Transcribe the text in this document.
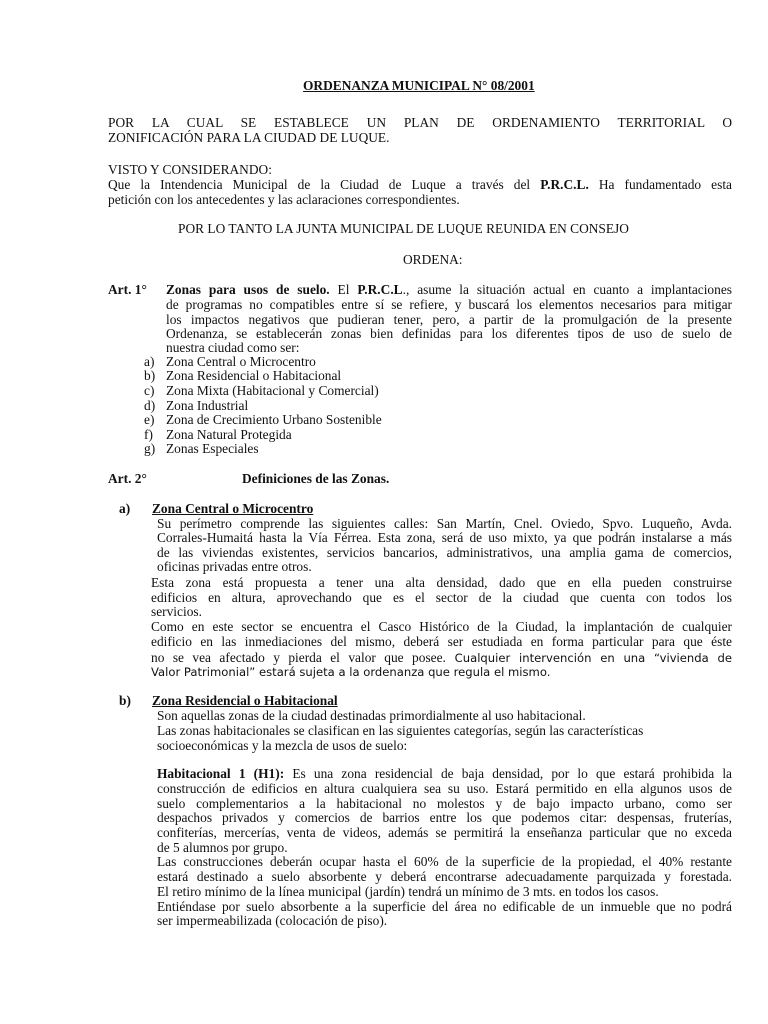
ORDENANZA MUNICIPAL N° 08/2001
POR LA CUAL SE ESTABLECE UN PLAN DE ORDENAMIENTO TERRITORIAL O
ZONIFICACIÓN PARA LA CIUDAD DE LUQUE.
VISTO Y CONSIDERANDO:
Que la Intendencia Municipal de la Ciudad de Luque a través del P.R.C.L. Ha fundamentado esta
petición con los antecedentes y las aclaraciones correspondientes.
POR LO TANTO LA JUNTA MUNICIPAL DE LUQUE REUNIDA EN CONSEJO
ORDENA:
Art. 1° Zonas para usos de suelo. El P.R.C.L., asume la situación actual en cuanto a implantaciones
de programas no compatibles entre sí se refiere, y buscará los elementos necesarios para mitigar
los impactos negativos que pudieran tener, pero, a partir de la promulgación de la presente
Ordenanza, se establecerán zonas bien definidas para los diferentes tipos de uso de suelo de
nuestra ciudad como ser:
a) Zona Central o Microcentro
b) Zona Residencial o Habitacional
c) Zona Mixta (Habitacional y Comercial)
d) Zona Industrial
e) Zona de Crecimiento Urbano Sostenible
f) Zona Natural Protegida
g) Zonas Especiales
Art. 2°	Definiciones de las Zonas.
a) Zona Central o Microcentro
Su perímetro comprende las siguientes calles: San Martín, Cnel. Oviedo, Spvo. Luqueño, Avda.
Corrales-Humaitá hasta la Vía Férrea. Esta zona, será de uso mixto, ya que podrán instalarse a más
de las viviendas existentes, servicios bancarios, administrativos, una amplia gama de comercios,
oficinas privadas entre otros.
Esta zona está propuesta a tener una alta densidad, dado que en ella pueden construirse
edificios en altura, aprovechando que es el sector de la ciudad que cuenta con todos los
servicios.
Como en este sector se encuentra el Casco Histórico de la Ciudad, la implantación de cualquier
edificio en las inmediaciones del mismo, deberá ser estudiada en forma particular para que éste
no se vea afectado y pierda el valor que posee. Cualquier intervención en una “vivienda de
Valor Patrimonial” estará sujeta a la ordenanza que regula el mismo.
b) Zona Residencial o Habitacional
Son aquellas zonas de la ciudad destinadas primordialmente al uso habitacional.
Las zonas habitacionales se clasifican en las siguientes categorías, según las características
socioeconómicas y la mezcla de usos de suelo:
Habitacional 1 (H1): Es una zona residencial de baja densidad, por lo que estará prohibida la
construcción de edificios en altura cualquiera sea su uso. Estará permitido en ella algunos usos de
suelo complementarios a la habitacional no molestos y de bajo impacto urbano, como ser
despachos privados y comercios de barrios entre los que podemos citar: despensas, fruterías,
confiterías, mercerías, venta de videos, además se permitirá la enseñanza particular que no exceda
de 5 alumnos por grupo.
Las construcciones deberán ocupar hasta el 60% de la superficie de la propiedad, el 40% restante
estará destinado a suelo absorbente y deberá encontrarse adecuadamente parquizada y forestada.
El retiro mínimo de la línea municipal (jardín) tendrá un mínimo de 3 mts. en todos los casos.
Entiéndase por suelo absorbente a la superficie del área no edificable de un inmueble que no podrá
ser impermeabilizada (colocación de piso).
